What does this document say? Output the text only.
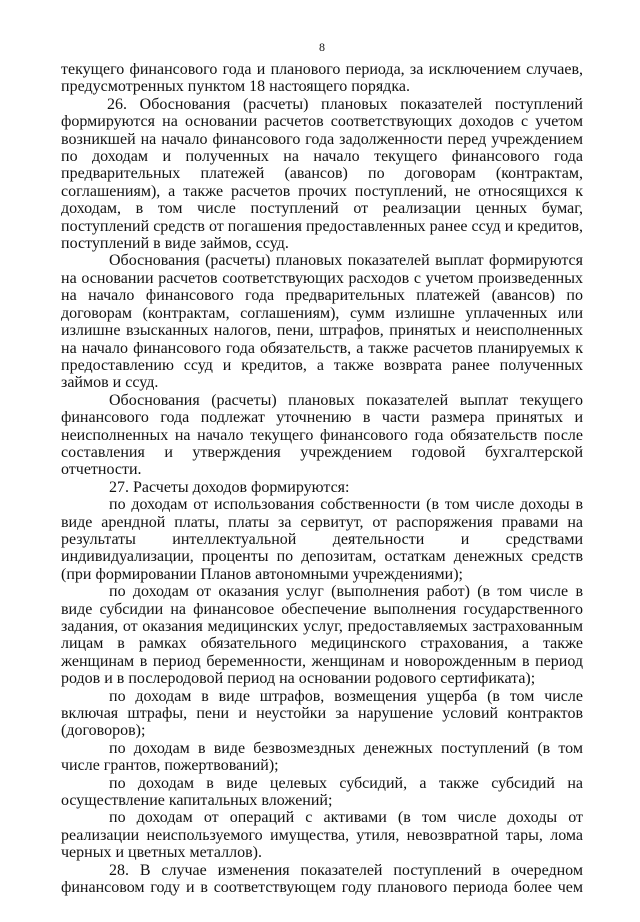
8

текущего финансового года и планового периода, за исключением случаев, предусмотренных пунктом 18 настоящего порядка.

26. Обоснования (расчеты) плановых показателей поступлений формируются на основании расчетов соответствующих доходов с учетом возникшей на начало финансового года задолженности перед учреждением по доходам и полученных на начало текущего финансового года предварительных платежей (авансов) по договорам (контрактам, соглашениям), а также расчетов прочих поступлений, не относящихся к доходам, в том числе поступлений от реализации ценных бумаг, поступлений средств от погашения предоставленных ранее ссуд и кредитов, поступлений в виде займов, ссуд.

Обоснования (расчеты) плановых показателей выплат формируются на основании расчетов соответствующих расходов с учетом произведенных на начало финансового года предварительных платежей (авансов) по договорам (контрактам, соглашениям), сумм излишне уплаченных или излишне взысканных налогов, пени, штрафов, принятых и неисполненных на начало финансового года обязательств, а также расчетов планируемых к предоставлению ссуд и кредитов, а также возврата ранее полученных займов и ссуд.

Обоснования (расчеты) плановых показателей выплат текущего финансового года подлежат уточнению в части размера принятых и неисполненных на начало текущего финансового года обязательств после составления и утверждения учреждением годовой бухгалтерской отчетности.

27. Расчеты доходов формируются:

по доходам от использования собственности (в том числе доходы в виде арендной платы, платы за сервитут, от распоряжения правами на результаты интеллектуальной деятельности и средствами индивидуализации, проценты по депозитам, остаткам денежных средств (при формировании Планов автономными учреждениями);

по доходам от оказания услуг (выполнения работ) (в том числе в виде субсидии на финансовое обеспечение выполнения государственного задания, от оказания медицинских услуг, предоставляемых застрахованным лицам в рамках обязательного медицинского страхования, а также женщинам в период беременности, женщинам и новорожденным в период родов и в послеродовой период на основании родового сертификата);

по доходам в виде штрафов, возмещения ущерба (в том числе включая штрафы, пени и неустойки за нарушение условий контрактов (договоров);

по доходам в виде безвозмездных денежных поступлений (в том числе грантов, пожертвований);

по доходам в виде целевых субсидий, а также субсидий на осуществление капитальных вложений;

по доходам от операций с активами (в том числе доходы от реализации неиспользуемого имущества, утиля, невозвратной тары, лома черных и цветных металлов).

28. В случае изменения показателей поступлений в очередном финансовом году и в соответствующем году планового периода более чем
